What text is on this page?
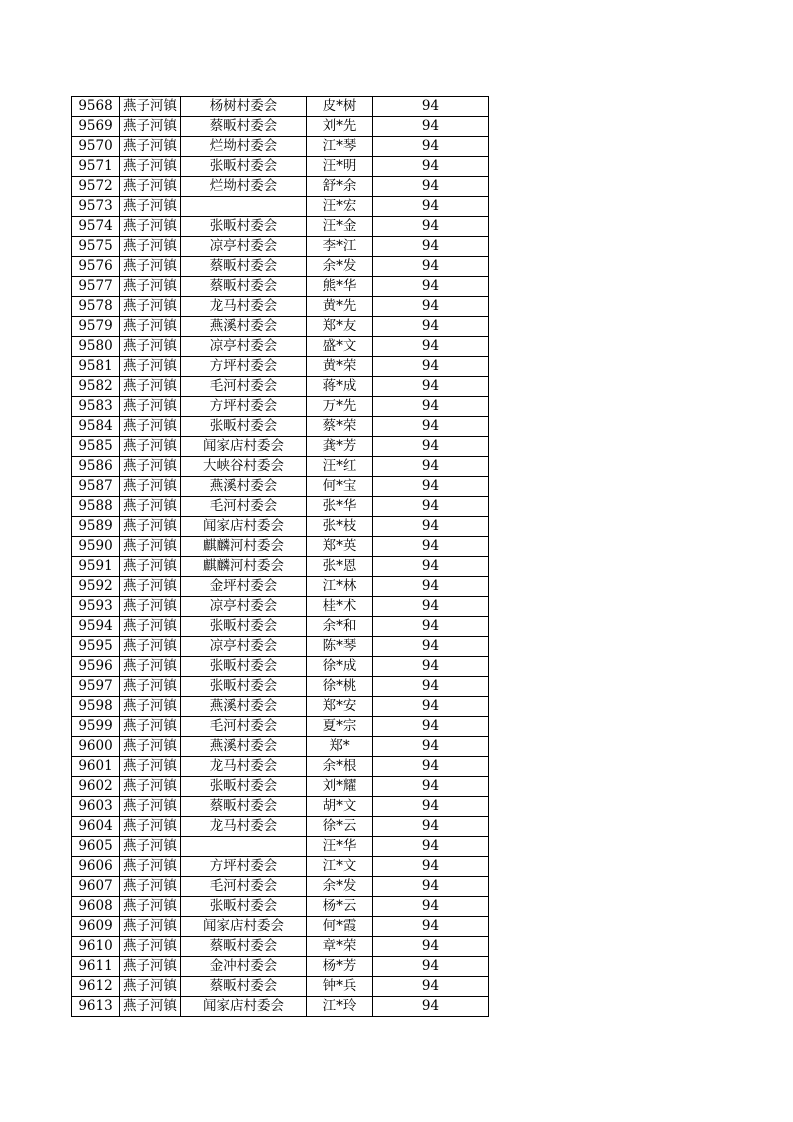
9568	燕子河镇	杨树村委会	皮*树	94
9569	燕子河镇	蔡畈村委会	刘*先	94
9570	燕子河镇	烂坳村委会	江*琴	94
9571	燕子河镇	张畈村委会	汪*明	94
9572	燕子河镇	烂坳村委会	舒*余	94
9573	燕子河镇		汪*宏	94
9574	燕子河镇	张畈村委会	汪*金	94
9575	燕子河镇	凉亭村委会	李*江	94
9576	燕子河镇	蔡畈村委会	余*发	94
9577	燕子河镇	蔡畈村委会	熊*华	94
9578	燕子河镇	龙马村委会	黄*先	94
9579	燕子河镇	燕溪村委会	郑*友	94
9580	燕子河镇	凉亭村委会	盛*文	94
9581	燕子河镇	方坪村委会	黄*荣	94
9582	燕子河镇	毛河村委会	蒋*成	94
9583	燕子河镇	方坪村委会	万*先	94
9584	燕子河镇	张畈村委会	蔡*荣	94
9585	燕子河镇	闻家店村委会	龚*芳	94
9586	燕子河镇	大峡谷村委会	汪*红	94
9587	燕子河镇	燕溪村委会	何*宝	94
9588	燕子河镇	毛河村委会	张*华	94
9589	燕子河镇	闻家店村委会	张*枝	94
9590	燕子河镇	麒麟河村委会	郑*英	94
9591	燕子河镇	麒麟河村委会	张*恩	94
9592	燕子河镇	金坪村委会	江*林	94
9593	燕子河镇	凉亭村委会	桂*术	94
9594	燕子河镇	张畈村委会	余*和	94
9595	燕子河镇	凉亭村委会	陈*琴	94
9596	燕子河镇	张畈村委会	徐*成	94
9597	燕子河镇	张畈村委会	徐*桃	94
9598	燕子河镇	燕溪村委会	郑*安	94
9599	燕子河镇	毛河村委会	夏*宗	94
9600	燕子河镇	燕溪村委会	郑*	94
9601	燕子河镇	龙马村委会	余*根	94
9602	燕子河镇	张畈村委会	刘*耀	94
9603	燕子河镇	蔡畈村委会	胡*文	94
9604	燕子河镇	龙马村委会	徐*云	94
9605	燕子河镇		汪*华	94
9606	燕子河镇	方坪村委会	江*文	94
9607	燕子河镇	毛河村委会	余*发	94
9608	燕子河镇	张畈村委会	杨*云	94
9609	燕子河镇	闻家店村委会	何*霞	94
9610	燕子河镇	蔡畈村委会	章*荣	94
9611	燕子河镇	金冲村委会	杨*芳	94
9612	燕子河镇	蔡畈村委会	钟*兵	94
9613	燕子河镇	闻家店村委会	江*玲	94
